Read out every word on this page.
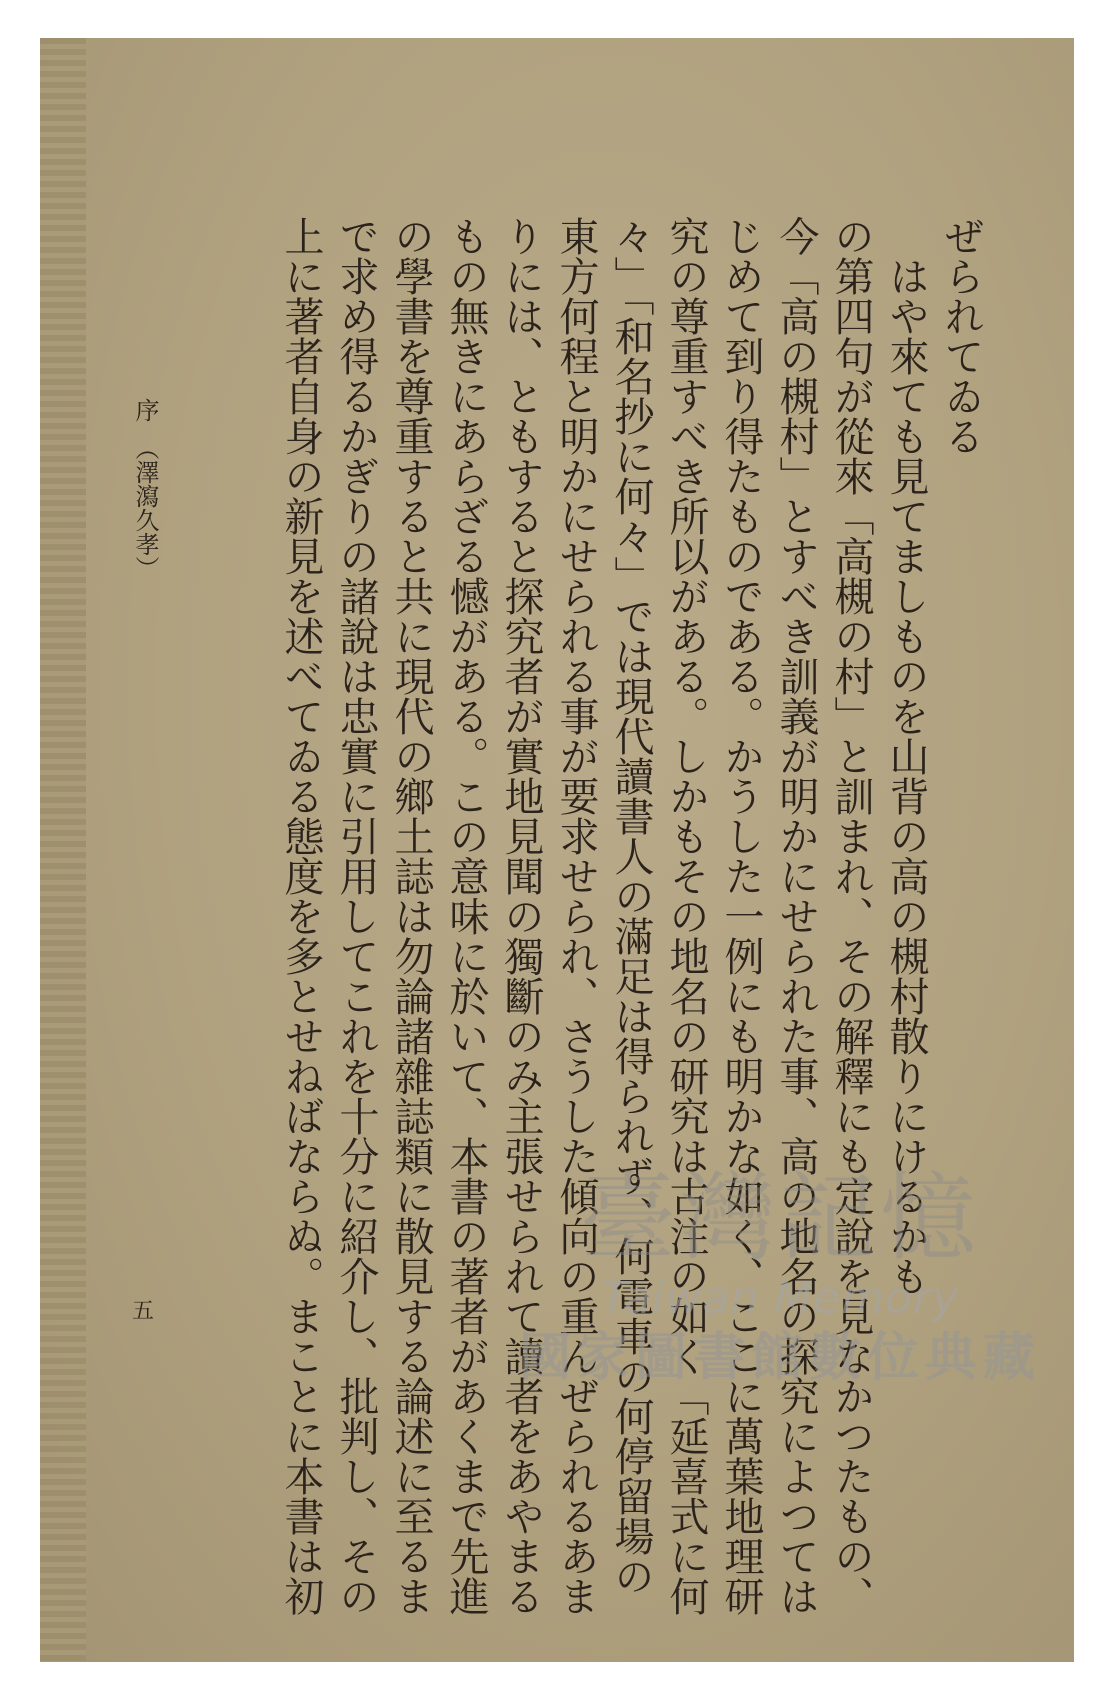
ぜられてゐる
はや來ても見てましものを山背の高の槻村散りにけるかも
の第四句が從來「高槻の村」と訓まれ、その解釋にも定說を見なかつたもの、
今「高の槻村」とすべき訓義が明かにせられた事、高の地名の探究によつては
じめて到り得たものである。かうした一例にも明かな如く、ここに萬葉地理研
究の尊重すべき所以がある。しかもその地名の研究は古注の如く「延喜式に何
々」「和名抄に何々」では現代讀書人の滿足は得られず、何電車の何停留場の
東方何程と明かにせられる事が要求せられ、さうした傾向の重んぜられるあま
りには、ともすると探究者が實地見聞の獨斷のみ主張せられて讀者をあやまる
もの無きにあらざる憾がある。この意味に於いて、本書の著者があくまで先進
の學書を尊重すると共に現代の鄉土誌は勿論諸雜誌類に散見する論述に至るま
で求め得るかぎりの諸說は忠實に引用してこれを十分に紹介し、批判し、その
上に著者自身の新見を述べてゐる態度を多とせねばならぬ。まことに本書は初
序（澤瀉久孝）
五
臺灣記憶
Taiwan Memory
國家圖書館數位典藏
